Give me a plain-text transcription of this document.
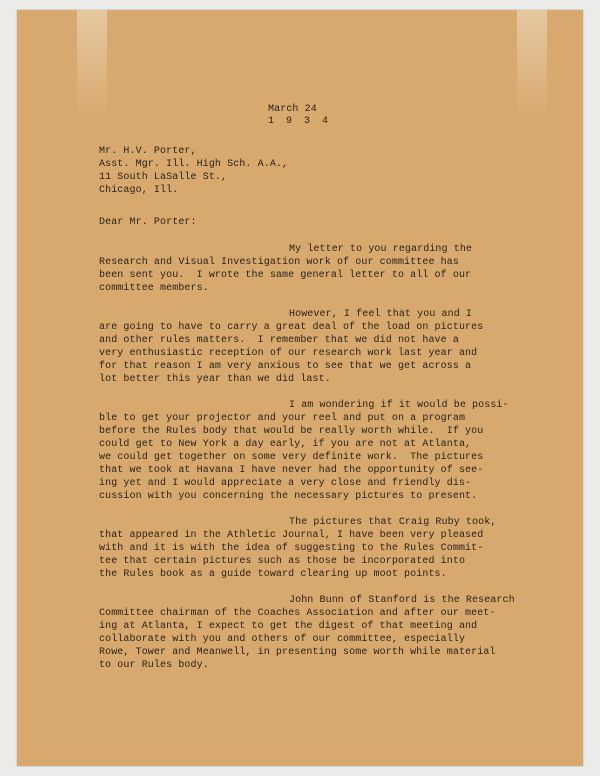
March 24
1 9 3 4
Mr. H.V. Porter,
Asst. Mgr. Ill. High Sch. A.A.,
11 South LaSalle St.,
Chicago, Ill.
Dear Mr. Porter:
My letter to you regarding the
Research and Visual Investigation work of our committee has
been sent you.  I wrote the same general letter to all of our
committee members.
However, I feel that you and I
are going to have to carry a great deal of the load on pictures
and other rules matters.  I remember that we did not have a
very enthusiastic reception of our research work last year and
for that reason I am very anxious to see that we get across a
lot better this year than we did last.
I am wondering if it would be possi-
ble to get your projector and your reel and put on a program
before the Rules body that would be really worth while.  If you
could get to New York a day early, if you are not at Atlanta,
we could get together on some very definite work.  The pictures
that we took at Havana I have never had the opportunity of see-
ing yet and I would appreciate a very close and friendly dis-
cussion with you concerning the necessary pictures to present.
The pictures that Craig Ruby took,
that appeared in the Athletic Journal, I have been very pleased
with and it is with the idea of suggesting to the Rules Commit-
tee that certain pictures such as those be incorporated into
the Rules book as a guide toward clearing up moot points.
John Bunn of Stanford is the Research
Committee chairman of the Coaches Association and after our meet-
ing at Atlanta, I expect to get the digest of that meeting and
collaborate with you and others of our committee, especially
Rowe, Tower and Meanwell, in presenting some worth while material
to our Rules body.
